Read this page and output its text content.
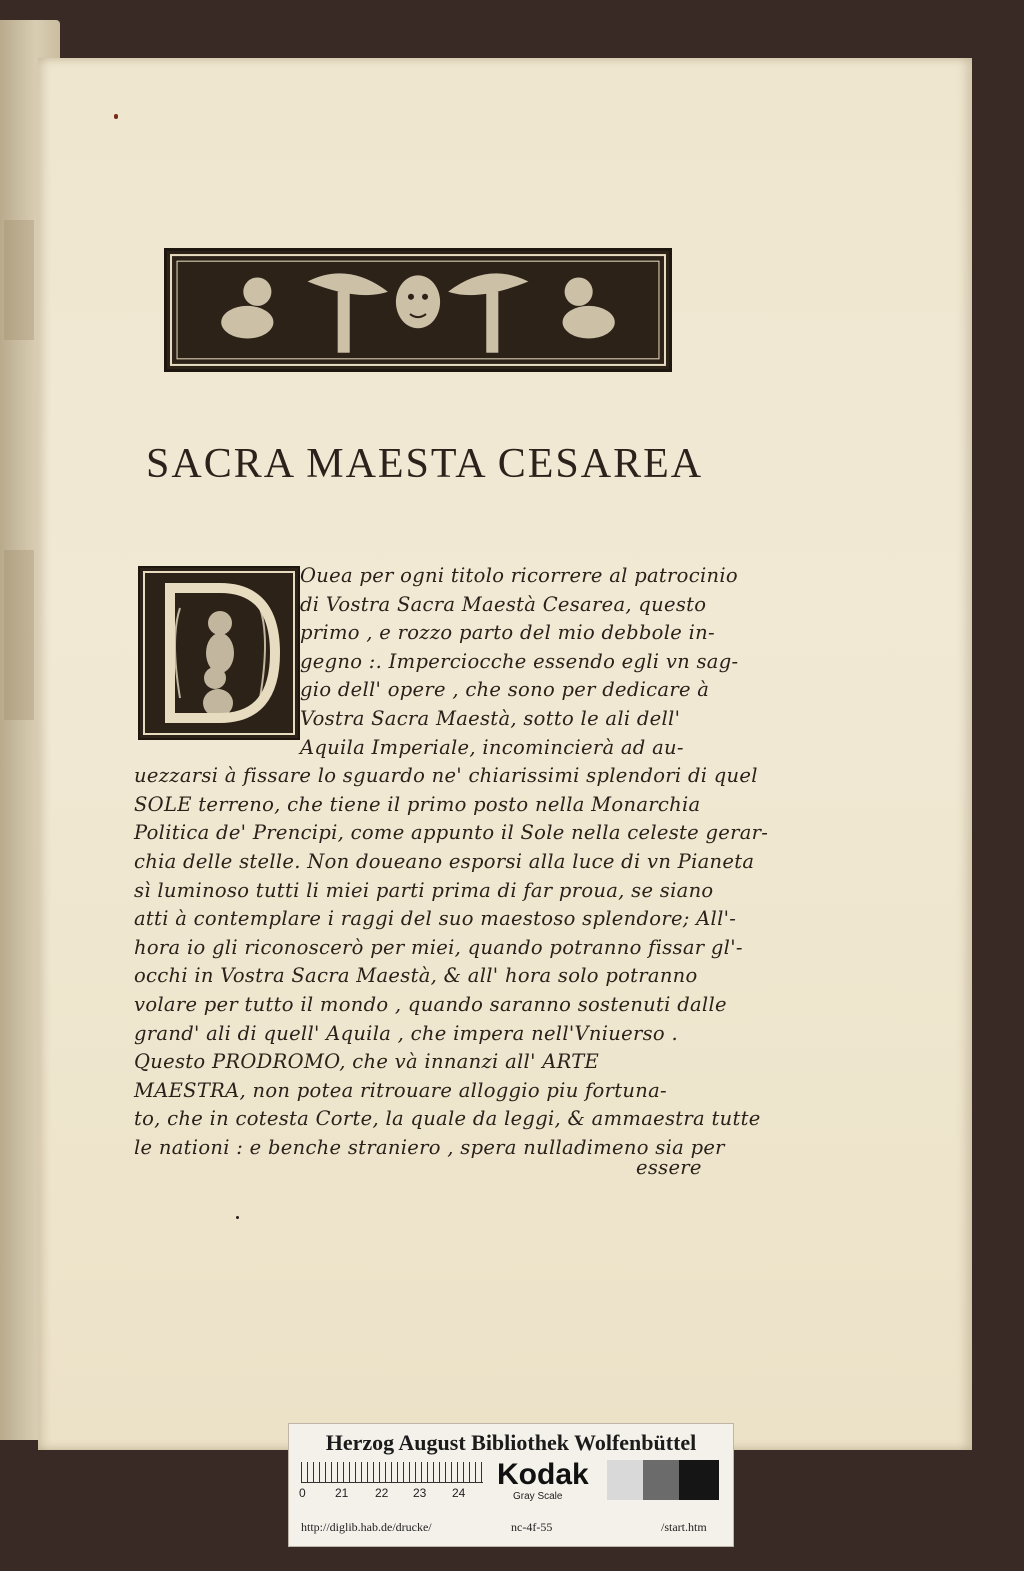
SACRA MAESTA CESAREA
Ouea per ogni titolo ricorrere al patrocinio
di Vostra Sacra Maestà Cesarea, questo
primo , e rozzo parto del mio debbole in-
gegno :. Imperciocche essendo egli vn sag-
gio dell' opere , che sono per dedicare à
Vostra Sacra Maestà, sotto le ali dell'
Aquila Imperiale, incomincierà ad au-
uezzarsi à fissare lo sguardo ne' chiarissimi splendori di quel
SOLE terreno, che tiene il primo posto nella Monarchia
Politica de' Prencipi, come appunto il Sole nella celeste gerar-
chia delle stelle. Non doueano esporsi alla luce di vn Pianeta
sì luminoso tutti li miei parti prima di far proua, se siano
atti à contemplare i raggi del suo maestoso splendore; All'-
hora io gli riconoscerò per miei, quando potranno fissar gl'-
occhi in Vostra Sacra Maestà, & all' hora solo potranno
volare per tutto il mondo , quando saranno sostenuti dalle
grand' ali di quell' Aquila , che impera nell'Vniuerso .
Questo PRODROMO, che và innanzi all' ARTE
MAESTRA, non potea ritrouare alloggio piu fortuna-
to, che in cotesta Corte, la quale da leggi, & ammaestra tutte
le nationi : e benche straniero , spera nulladimeno sia per
essere
Herzog August Bibliothek Wolfenbüttel
0 21 22 23 24
Kodak
Gray Scale
http://diglib.hab.de/drucke/	nc-4f-55	/start.htm
